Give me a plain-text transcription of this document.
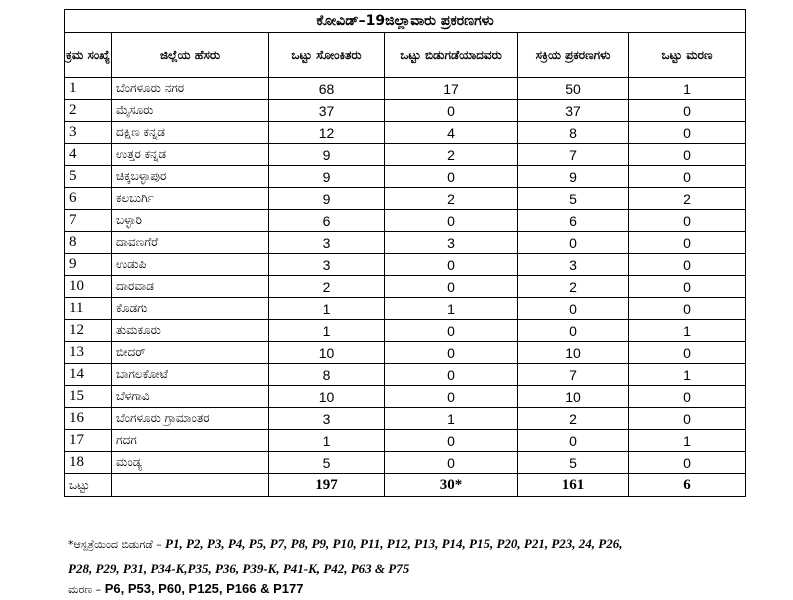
ಕೋವಿಡ್–19ಜಿಲ್ಲಾವಾರು ಪ್ರಕರಣಗಳು					
ಕ್ರಮ ಸಂಖ್ಯೆ	ಜಿಲ್ಲೆಯ ಹೆಸರು	ಒಟ್ಟು ಸೋಂಕಿತರು	ಒಟ್ಟು ಬಿಡುಗಡೆಯಾದವರು	ಸಕ್ರಿಯ ಪ್ರಕರಣಗಳು	ಒಟ್ಟು ಮರಣ
1	ಬೆಂಗಳೂರು ನಗರ	68	17	50	1
2	ಮೈಸೂರು	37	0	37	0
3	ದಕ್ಷಿಣ ಕನ್ನಡ	12	4	8	0
4	ಉತ್ತರ ಕನ್ನಡ	9	2	7	0
5	ಚಿಕ್ಕಬಳ್ಳಾಪುರ	9	0	9	0
6	ಕಲಬುರ್ಗಿ	9	2	5	2
7	ಬಳ್ಳಾರಿ	6	0	6	0
8	ದಾವಣಗೆರೆ	3	3	0	0
9	ಉಡುಪಿ	3	0	3	0
10	ದಾರವಾಡ	2	0	2	0
11	ಕೊಡಗು	1	1	0	0
12	ತುಮಕೂರು	1	0	0	1
13	ಬೀದರ್	10	0	10	0
14	ಬಾಗಲಕೋಟೆ	8	0	7	1
15	ಬೆಳಗಾವಿ	10	0	10	0
16	ಬೆಂಗಳೂರು ಗ್ರಾಮಾಂತರ	3	1	2	0
17	ಗದಗ	1	0	0	1
18	ಮಂಡ್ಯ	5	0	5	0
ಒಟ್ಟು		197	30*	161	6
*ಆಸ್ಪತ್ರೆಯಿಂದ ಬಿಡುಗಡೆ – P1, P2, P3, P4, P5, P7, P8, P9, P10, P11, P12, P13, P14, P15, P20, P21, P23, 24, P26,
P28, P29, P31, P34-K,P35, P36, P39-K, P41-K, P42, P63 & P75
ಮರಣ – P6, P53, P60, P125, P166 & P177
